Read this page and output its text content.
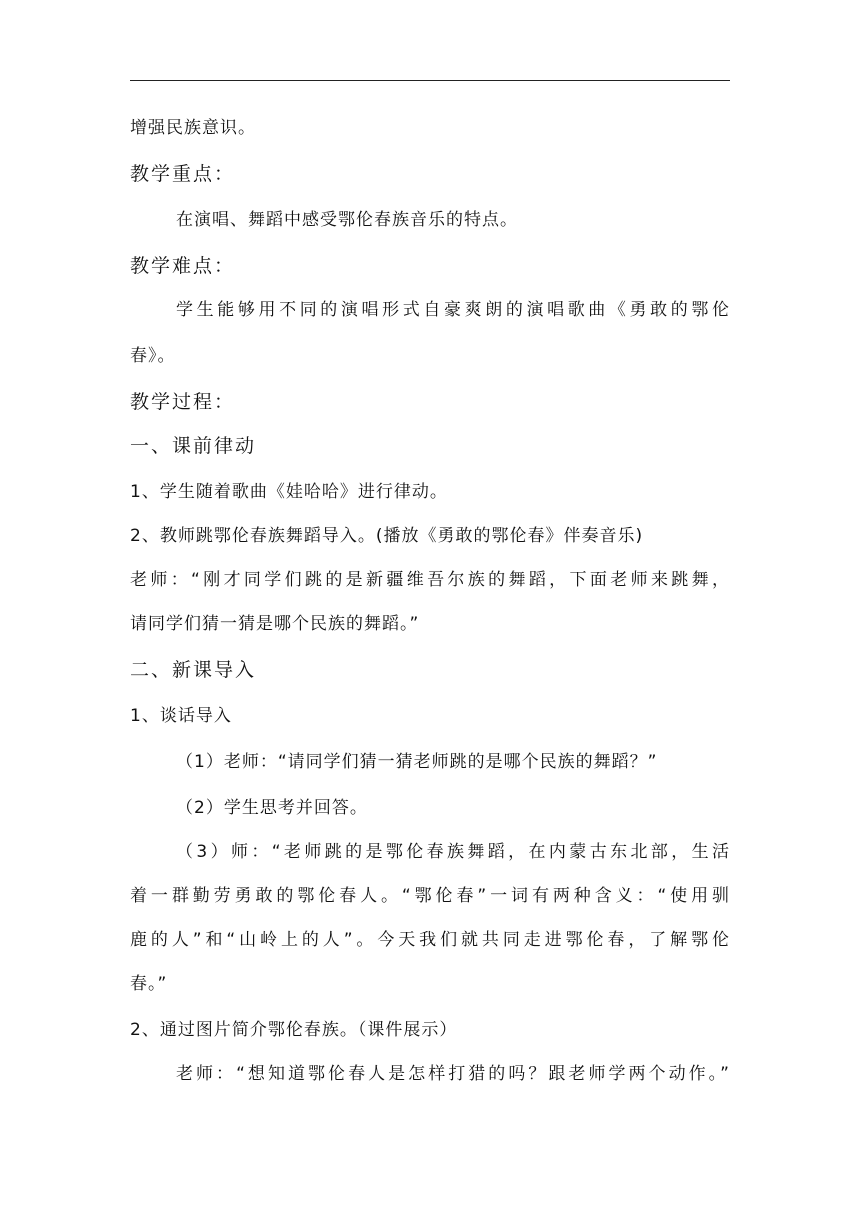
增强民族意识。
教学重点：
在演唱、舞蹈中感受鄂伦春族音乐的特点。
教学难点：
学生能够用不同的演唱形式自豪爽朗的演唱歌曲《勇敢的鄂伦
春》。
教学过程：
一、课前律动
1、学生随着歌曲《娃哈哈》进行律动。
2、教师跳鄂伦春族舞蹈导入。(播放《勇敢的鄂伦春》伴奏音乐)
老师：“刚才同学们跳的是新疆维吾尔族的舞蹈，下面老师来跳舞，
请同学们猜一猜是哪个民族的舞蹈。”
二、新课导入
1、谈话导入
（1）老师：“请同学们猜一猜老师跳的是哪个民族的舞蹈？”
（2）学生思考并回答。
（3）师：“老师跳的是鄂伦春族舞蹈，在内蒙古东北部，生活
着一群勤劳勇敢的鄂伦春人。“鄂伦春”一词有两种含义：“使用驯
鹿的人”和“山岭上的人”。今天我们就共同走进鄂伦春，了解鄂伦
春。”
2、通过图片简介鄂伦春族。（课件展示）
老师：“想知道鄂伦春人是怎样打猎的吗？跟老师学两个动作。”
